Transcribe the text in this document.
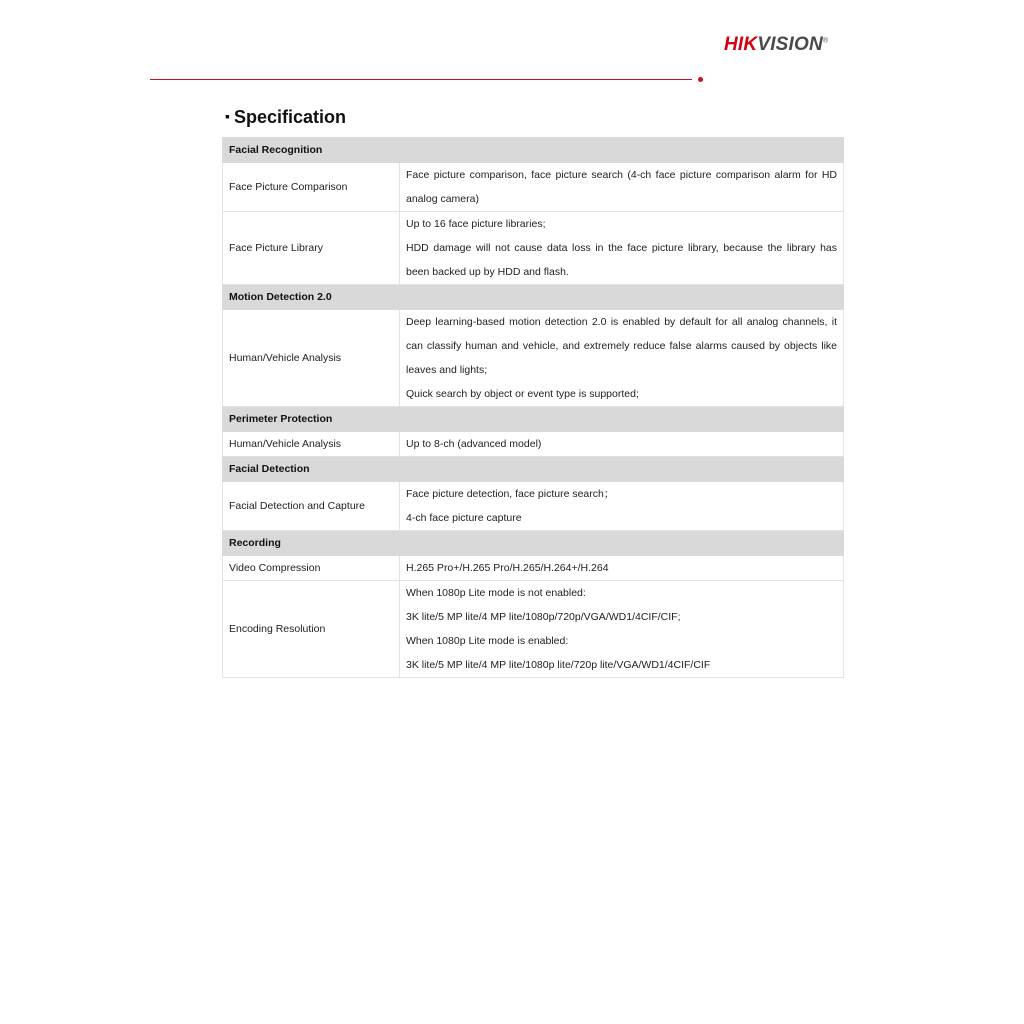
HIKVISION®
▪ Specification
Facial Recognition	
Face Picture Comparison	Face picture comparison, face picture search (4-ch face picture comparison alarm for HD analog camera)

Face Picture Library	Up to 16 face picture libraries;
HDD damage will not cause data loss in the face picture library, because the library has been backed up by HDD and flash.

Motion Detection 2.0	
Human/Vehicle Analysis	Deep learning-based motion detection 2.0 is enabled by default for all analog channels, it can classify human and vehicle, and extremely reduce false alarms caused by objects like leaves and lights;
Quick search by object or event type is supported;

Perimeter Protection	
Human/Vehicle Analysis	Up to 8-ch (advanced model)

Facial Detection	
Facial Detection and Capture	Face picture detection, face picture search；
4-ch face picture capture

Recording	
Video Compression	H.265 Pro+/H.265 Pro/H.265/H.264+/H.264

Encoding Resolution	When 1080p Lite mode is not enabled:
3K lite/5 MP lite/4 MP lite/1080p/720p/VGA/WD1/4CIF/CIF;
When 1080p Lite mode is enabled:
3K lite/5 MP lite/4 MP lite/1080p lite/720p lite/VGA/WD1/4CIF/CIF
